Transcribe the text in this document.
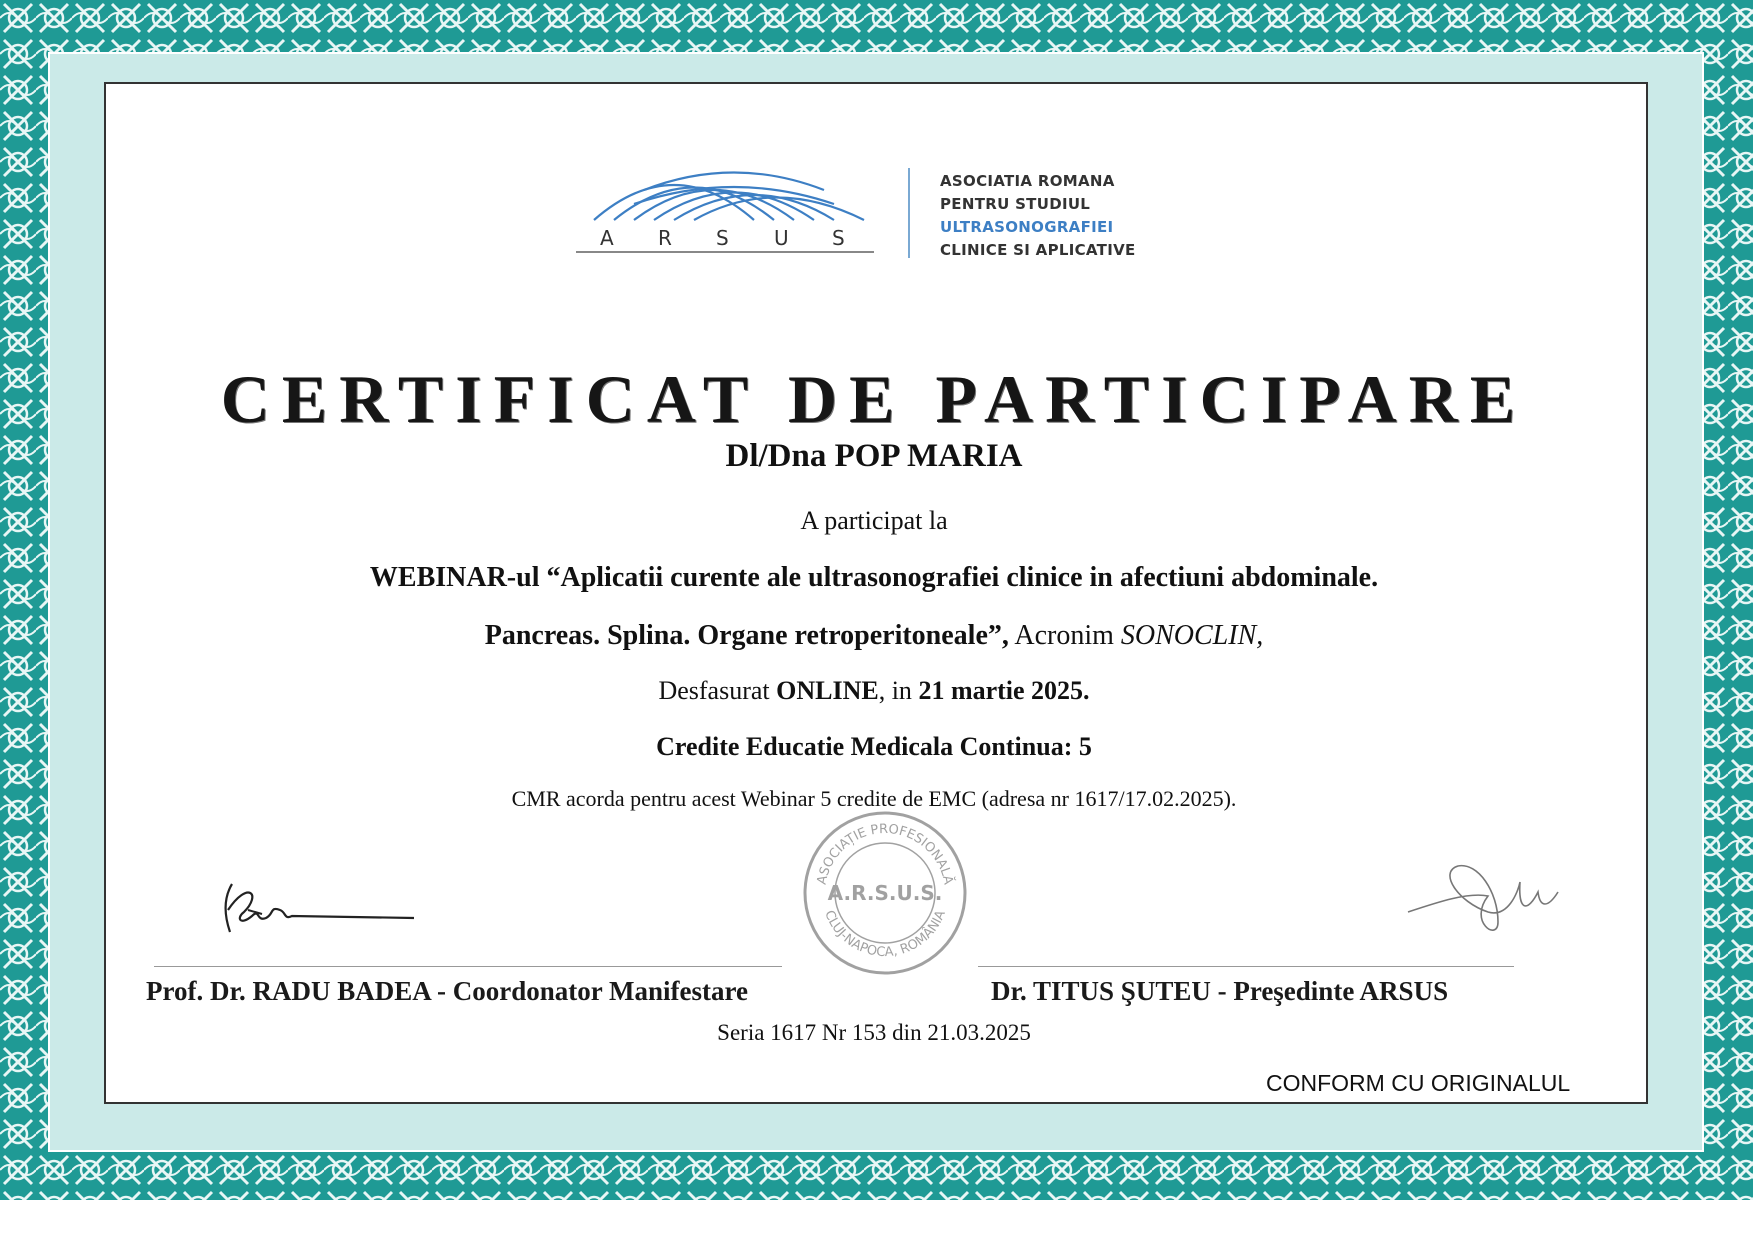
A R S U S
ASOCIATIA ROMANA
PENTRU STUDIUL
ULTRASONOGRAFIEI
CLINICE SI APLICATIVE
CERTIFICAT DE PARTICIPARE
Dl/Dna POP MARIA
A participat la
WEBINAR-ul “Aplicatii curente ale ultrasonografiei clinice in afectiuni abdominale.
Pancreas. Splina. Organe retroperitoneale”, Acronim SONOCLIN,
Desfasurat ONLINE, in 21 martie 2025.
Credite Educatie Medicala Continua: 5
CMR acorda pentru acest Webinar 5 credite de EMC (adresa nr 1617/17.02.2025).
ASOCIAȚIE PROFESIONALĂ
CLUJ-NAPOCA, ROMÂNIA
A.R.S.U.S.
Prof. Dr. RADU BADEA - Coordonator Manifestare	Dr. TITUS ŞUTEU - Preşedinte ARSUS
Seria 1617 Nr 153 din 21.03.2025
CONFORM CU ORIGINALUL
